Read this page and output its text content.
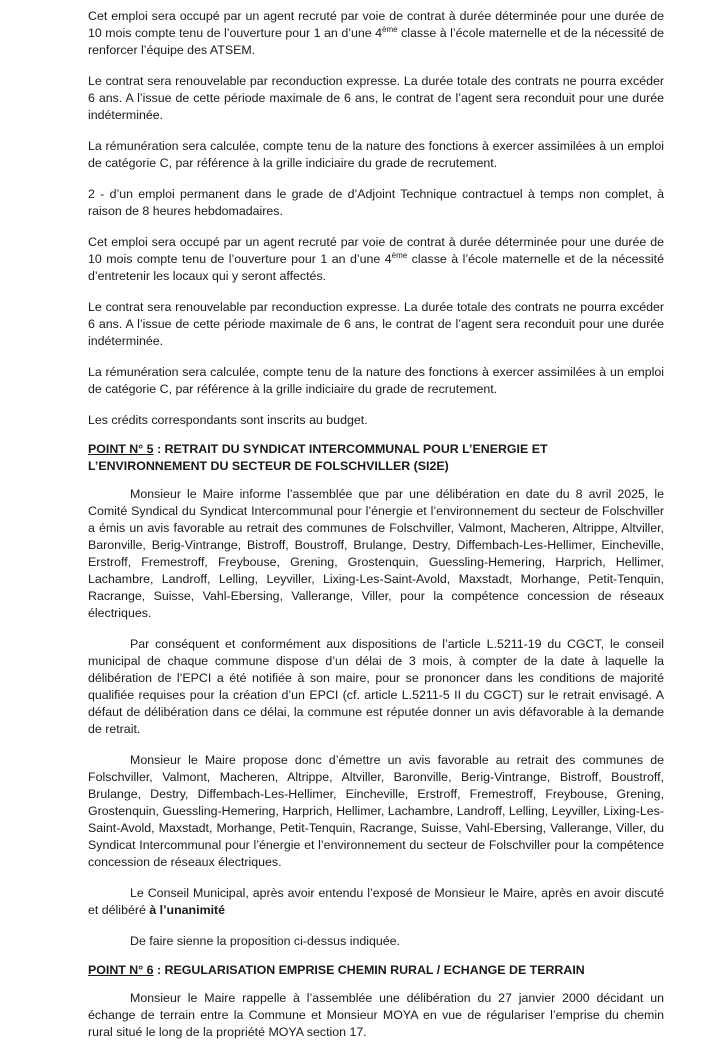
Cet emploi sera occupé par un agent recruté par voie de contrat à durée déterminée pour une durée de 10 mois compte tenu de l’ouverture pour 1 an d’une 4ème classe à l’école maternelle et de la nécessité de renforcer l’équipe des ATSEM.

Le contrat sera renouvelable par reconduction expresse. La durée totale des contrats ne pourra excéder 6 ans. A l’issue de cette période maximale de 6 ans, le contrat de l’agent sera reconduit pour une durée indéterminée.

La rémunération sera calculée, compte tenu de la nature des fonctions à exercer assimilées à un emploi de catégorie C, par référence à la grille indiciaire du grade de recrutement.

2 - d’un emploi permanent dans le grade de d’Adjoint Technique contractuel à temps non complet, à raison de 8 heures hebdomadaires.

Cet emploi sera occupé par un agent recruté par voie de contrat à durée déterminée pour une durée de 10 mois compte tenu de l’ouverture pour 1 an d’une 4ème classe à l’école maternelle et de la nécessité d’entretenir les locaux qui y seront affectés.

Le contrat sera renouvelable par reconduction expresse. La durée totale des contrats ne pourra excéder 6 ans. A l’issue de cette période maximale de 6 ans, le contrat de l’agent sera reconduit pour une durée indéterminée.

La rémunération sera calculée, compte tenu de la nature des fonctions à exercer assimilées à un emploi de catégorie C, par référence à la grille indiciaire du grade de recrutement.

Les crédits correspondants sont inscrits au budget.

POINT N° 5 : RETRAIT DU SYNDICAT INTERCOMMUNAL POUR L’ENERGIE ET L’ENVIRONNEMENT DU SECTEUR DE FOLSCHVILLER (SI2E)

Monsieur le Maire informe l’assemblée que par une délibération en date du 8 avril 2025, le Comité Syndical du Syndicat Intercommunal pour l’énergie et l’environnement du secteur de Folschviller a émis un avis favorable au retrait des communes de Folschviller, Valmont, Macheren, Altrippe, Altviller, Baronville, Berig-Vintrange, Bistroff, Boustroff, Brulange, Destry, Diffembach-Les-Hellimer, Eincheville, Erstroff, Fremestroff, Freybouse, Grening, Grostenquin, Guessling-Hemering, Harprich, Hellimer, Lachambre, Landroff, Lelling, Leyviller, Lixing-Les-Saint-Avold, Maxstadt, Morhange, Petit-Tenquin, Racrange, Suisse, Vahl-Ebersing, Vallerange, Viller, pour la compétence concession de réseaux électriques.

Par conséquent et conformément aux dispositions de l’article L.5211-19 du CGCT, le conseil municipal de chaque commune dispose d’un délai de 3 mois, à compter de la date à laquelle la délibération de l’EPCI a été notifiée à son maire, pour se prononcer dans les conditions de majorité qualifiée requises pour la création d’un EPCI (cf. article L.5211-5 II du CGCT) sur le retrait envisagé. A défaut de délibération dans ce délai, la commune est réputée donner un avis défavorable à la demande de retrait.

Monsieur le Maire propose donc d’émettre un avis favorable au retrait des communes de Folschviller, Valmont, Macheren, Altrippe, Altviller, Baronville, Berig-Vintrange, Bistroff, Boustroff, Brulange, Destry, Diffembach-Les-Hellimer, Eincheville, Erstroff, Fremestroff, Freybouse, Grening, Grostenquin, Guessling-Hemering, Harprich, Hellimer, Lachambre, Landroff, Lelling, Leyviller, Lixing-Les-Saint-Avold, Maxstadt, Morhange, Petit-Tenquin, Racrange, Suisse, Vahl-Ebersing, Vallerange, Viller, du Syndicat Intercommunal pour l’énergie et l’environnement du secteur de Folschviller pour la compétence concession de réseaux électriques.

Le Conseil Municipal, après avoir entendu l’exposé de Monsieur le Maire, après en avoir discuté et délibéré à l’unanimité

De faire sienne la proposition ci-dessus indiquée.

POINT N° 6 : REGULARISATION EMPRISE CHEMIN RURAL / ECHANGE DE TERRAIN

Monsieur le Maire rappelle à l’assemblée une délibération du 27 janvier 2000 décidant un échange de terrain entre la Commune et Monsieur MOYA en vue de régulariser l’emprise du chemin rural situé le long de la propriété MOYA section 17.
